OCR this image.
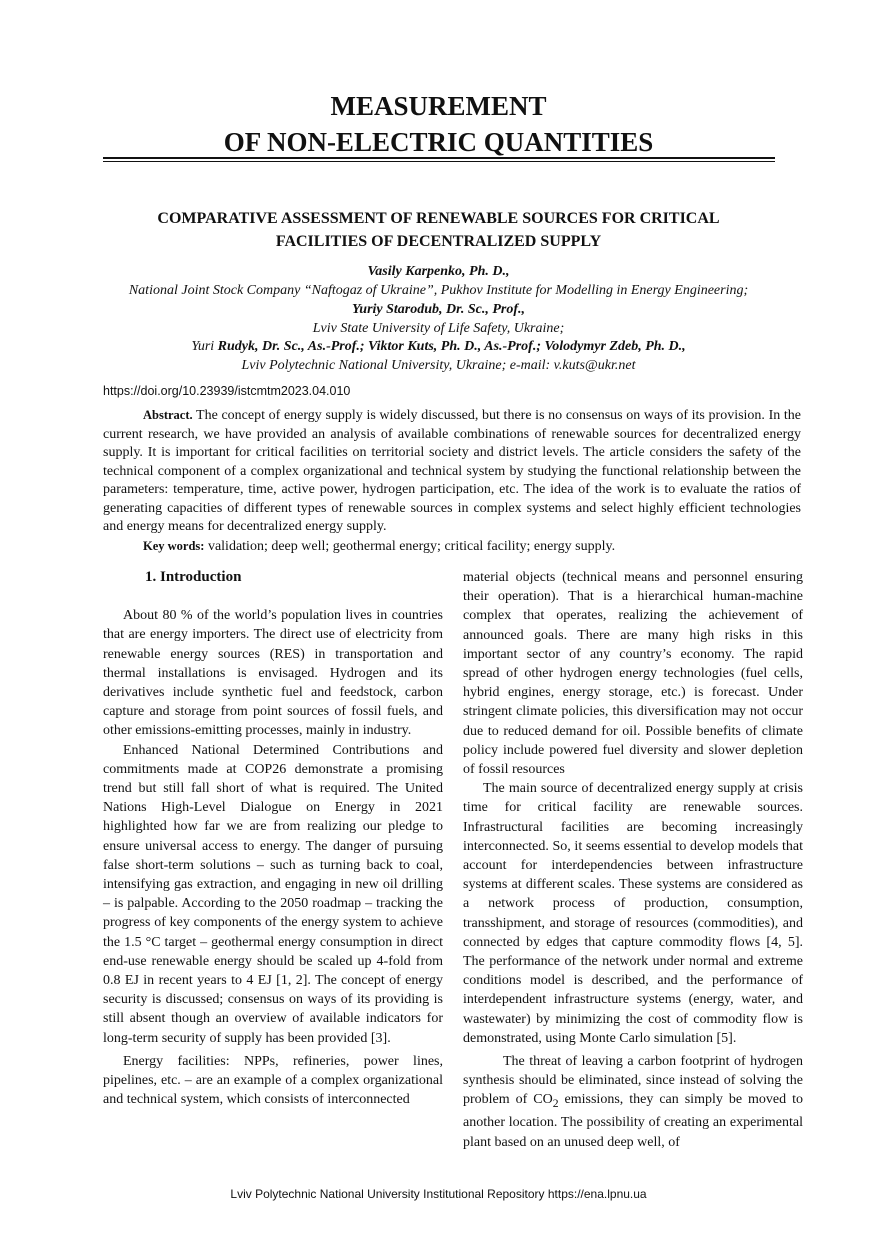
MEASUREMENT
OF NON-ELECTRIC QUANTITIES
COMPARATIVE ASSESSMENT OF RENEWABLE SOURCES FOR CRITICAL
FACILITIES OF DECENTRALIZED SUPPLY
Vasily Karpenko, Ph. D.,
National Joint Stock Company “Naftogaz of Ukraine”, Pukhov Institute for Modelling in Energy Engineering;
Yuriy Starodub, Dr. Sc., Prof.,
Lviv State University of Life Safety, Ukraine;
Yuri Rudyk, Dr. Sc., As.-Prof.; Viktor Kuts, Ph. D., As.-Prof.; Volodymyr Zdeb, Ph. D.,
Lviv Polytechnic National University, Ukraine; e-mail: v.kuts@ukr.net
https://doi.org/10.23939/istcmtm2023.04.010

Abstract. The concept of energy supply is widely discussed, but there is no consensus on ways of its provision. In the current research, we have provided an analysis of available combinations of renewable sources for decentralized energy supply. It is important for critical facilities on territorial society and district levels. The article considers the safety of the technical component of a complex organizational and technical system by studying the functional relationship between the parameters: temperature, time, active power, hydrogen participation, etc. The idea of the work is to evaluate the ratios of generating capacities of different types of renewable sources in complex systems and select highly efficient technologies and energy means for decentralized energy supply.

Key words: validation; deep well; geothermal energy; critical facility; energy supply.
1. Introduction

About 80 % of the world’s population lives in countries that are energy importers. The direct use of electricity from renewable energy sources (RES) in transportation and thermal installations is envisaged. Hydrogen and its derivatives include synthetic fuel and feedstock, carbon capture and storage from point sources of fossil fuels, and other emissions-emitting processes, mainly in industry.

Enhanced National Determined Contributions and commitments made at COP26 demonstrate a promising trend but still fall short of what is required. The United Nations High-Level Dialogue on Energy in 2021 highlighted how far we are from realizing our pledge to ensure universal access to energy. The danger of pursuing false short-term solutions – such as turning back to coal, intensifying gas extraction, and engaging in new oil drilling – is palpable. According to the 2050 roadmap – tracking the progress of key components of the energy system to achieve the 1.5 °C target – geothermal energy consumption in direct end-use renewable energy should be scaled up 4-fold from 0.8 EJ in recent years to 4 EJ [1, 2]. The concept of energy security is discussed; consensus on ways of its providing is still absent though an overview of available indicators for long-term security of supply has been provided [3].

Energy facilities: NPPs, refineries, power lines, pipelines, etc. – are an example of a complex organizational and technical system, which consists of interconnected

material objects (technical means and personnel ensuring their operation). That is a hierarchical human-machine complex that operates, realizing the achievement of announced goals. There are many high risks in this important sector of any country’s economy. The rapid spread of other hydrogen energy technologies (fuel cells, hybrid engines, energy storage, etc.) is forecast. Under stringent climate policies, this diversification may not occur due to reduced demand for oil. Possible benefits of climate policy include powered fuel diversity and slower depletion of fossil resources

The main source of decentralized energy supply at crisis time for critical facility are renewable sources. Infrastructural facilities are becoming increasingly interconnected. So, it seems essential to develop models that account for interdependencies between infrastructure systems at different scales. These systems are considered as a network process of production, consumption, transshipment, and storage of resources (commodities), and connected by edges that capture commodity flows [4, 5]. The performance of the network under normal and extreme conditions model is described, and the performance of interdependent infrastructure systems (energy, water, and wastewater) by minimizing the cost of commodity flow is demonstrated, using Monte Carlo simulation [5].

The threat of leaving a carbon footprint of hydrogen synthesis should be eliminated, since instead of solving the problem of $CO_2$ emissions, they can simply be moved to another location. The possibility of creating an experimental plant based on an unused deep well, of

Lviv Polytechnic National University Institutional Repository https://ena.lpnu.ua
